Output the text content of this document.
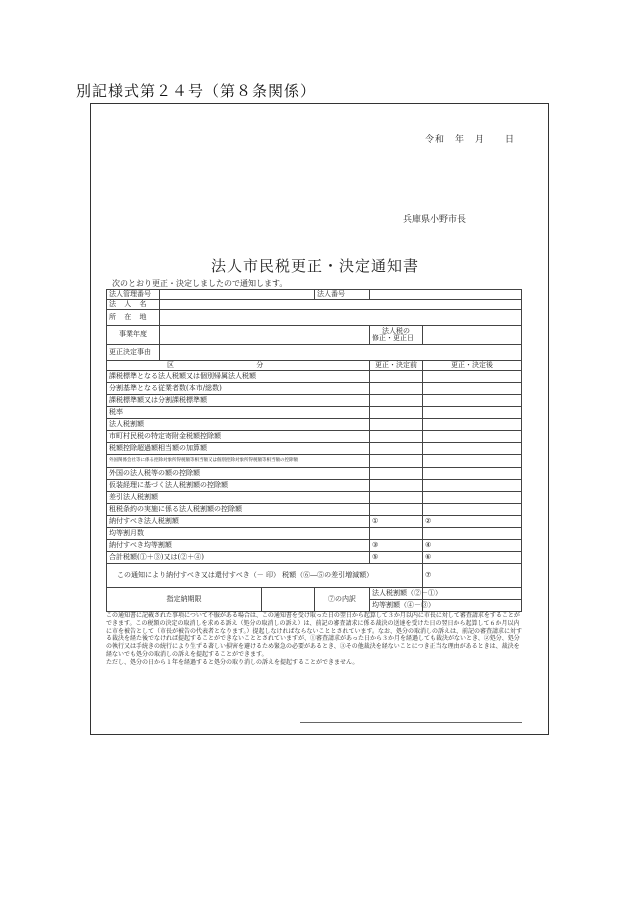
別記様式第２４号（第８条関係）
令和　年　月　　日
兵庫県小野市長
法人市民税更正・決定通知書
次のとおり更正・決定しましたので通知します。
法人管理番号			法人番号		
法 人 名					
所 在 地					
事業年度				法人税の
修正・更正日	

更正決定事由					
区 分				更正・決定前	更正・決定後
課税標準となる法人税額又は個別帰属法人税額					
分割基準となる従業者数(本市/総数)					
課税標準額又は分割課税標準額					
税率					
法人税割額					
市町村民税の特定寄附金税額控除額					
税額控除超過額相当額の加算額					
外国関係会社等に係る控除対象所得税額等相当額又は個別控除対象所得税額等相当額の控除額					
外国の法人税等の額の控除額					
仮装経理に基づく法人税割額の控除額					
差引法人税割額					
租税条約の実施に係る法人税割額の控除額					
納付すべき法人税割額				①	②
均等割月数					
納付すべき均等割額				③	④
合計税額(①＋③)又は(②＋④)				⑤	⑥
この通知により納付すべき又は還付すべき（－ 印） 税額（⑥―⑤の差引増減額）					⑦
指定納期限			⑦の内訳	法人税割額（②－①）	
				均等割額（④－③）	

この通知書に記載された事項について不服がある場合は、この通知書を受け取った日の翌日から起算して３か月以内に市長に対して審査請求をすることができます。この税額の決定の取消しを求める訴え（処分の取消しの訴え）は、前記の審査請求に係る裁決の送達を受けた日の翌日から起算して６か月以内に市を被告として（市長が被告の代表者となります。）提起しなければならないこととされています。なお、処分の取消しの訴えは、前記の審査請求に対する裁決を経た後でなければ提起することができないこととされていますが、①審査請求があった日から３か月を経過しても裁決がないとき、②処分、処分の執行又は手続きの続行により生ずる著しい損害を避けるため緊急の必要があるとき、③その他裁決を経ないことにつき正当な理由があるときは、裁決を経ないでも処分の取消しの訴えを提起することができます。

ただし、処分の日から１年を経過すると処分の取り消しの訴えを提起することができません。
